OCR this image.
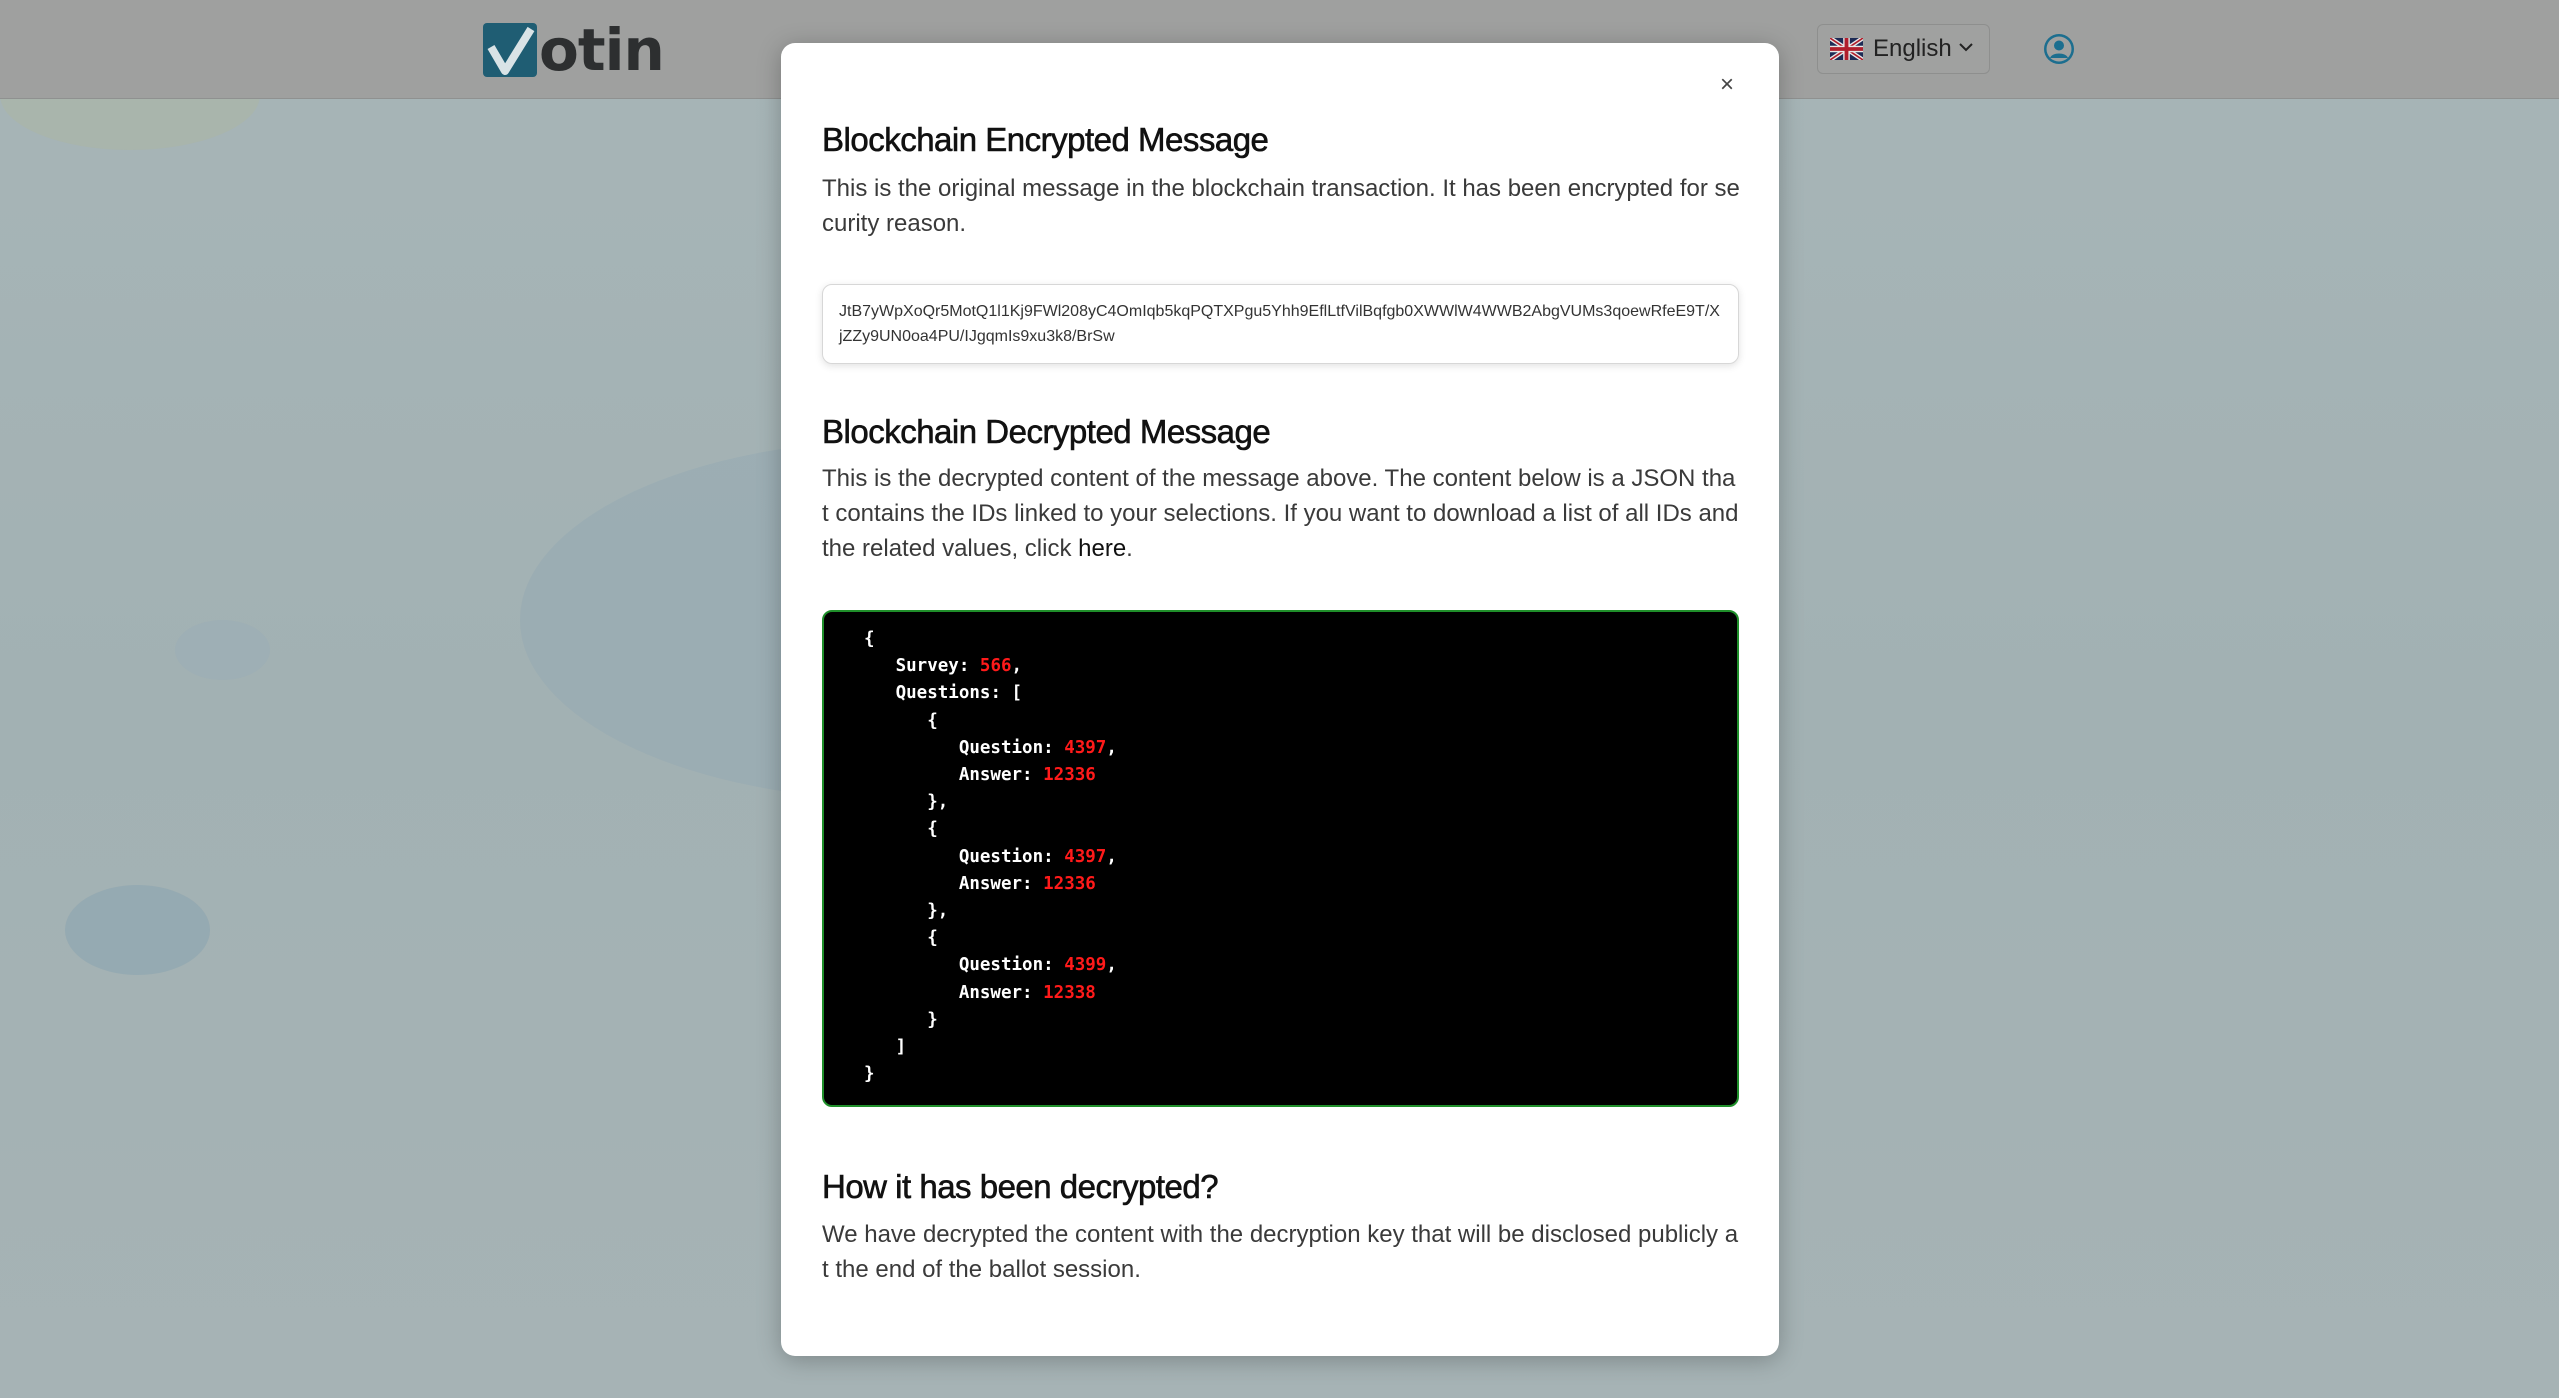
otin	English
×
Blockchain Encrypted Message

This is the original message in the blockchain transaction. It has been encrypted for security reason.

JtB7yWpXoQr5MotQ1l1Kj9FWl208yC4OmIqb5kqPQTXPgu5Yhh9EflLtfVilBqfgb0XWWlW4WWB2AbgVUMs3qoewRfeE9T/XjZZy9UN0oa4PU/IJgqmIs9xu3k8/BrSw
Blockchain Decrypted Message

This is the decrypted content of the message above. The content below is a JSON that contains the IDs linked to your selections. If you want to download a list of all IDs and the related values, click here.

{
Survey: 566,
Questions: [
{
Question: 4397,
Answer: 12336
},
{
Question: 4397,
Answer: 12336
},
{
Question: 4399,
Answer: 12338
}
]
}
How it has been decrypted?

We have decrypted the content with the decryption key that will be disclosed publicly at the end of the ballot session.
